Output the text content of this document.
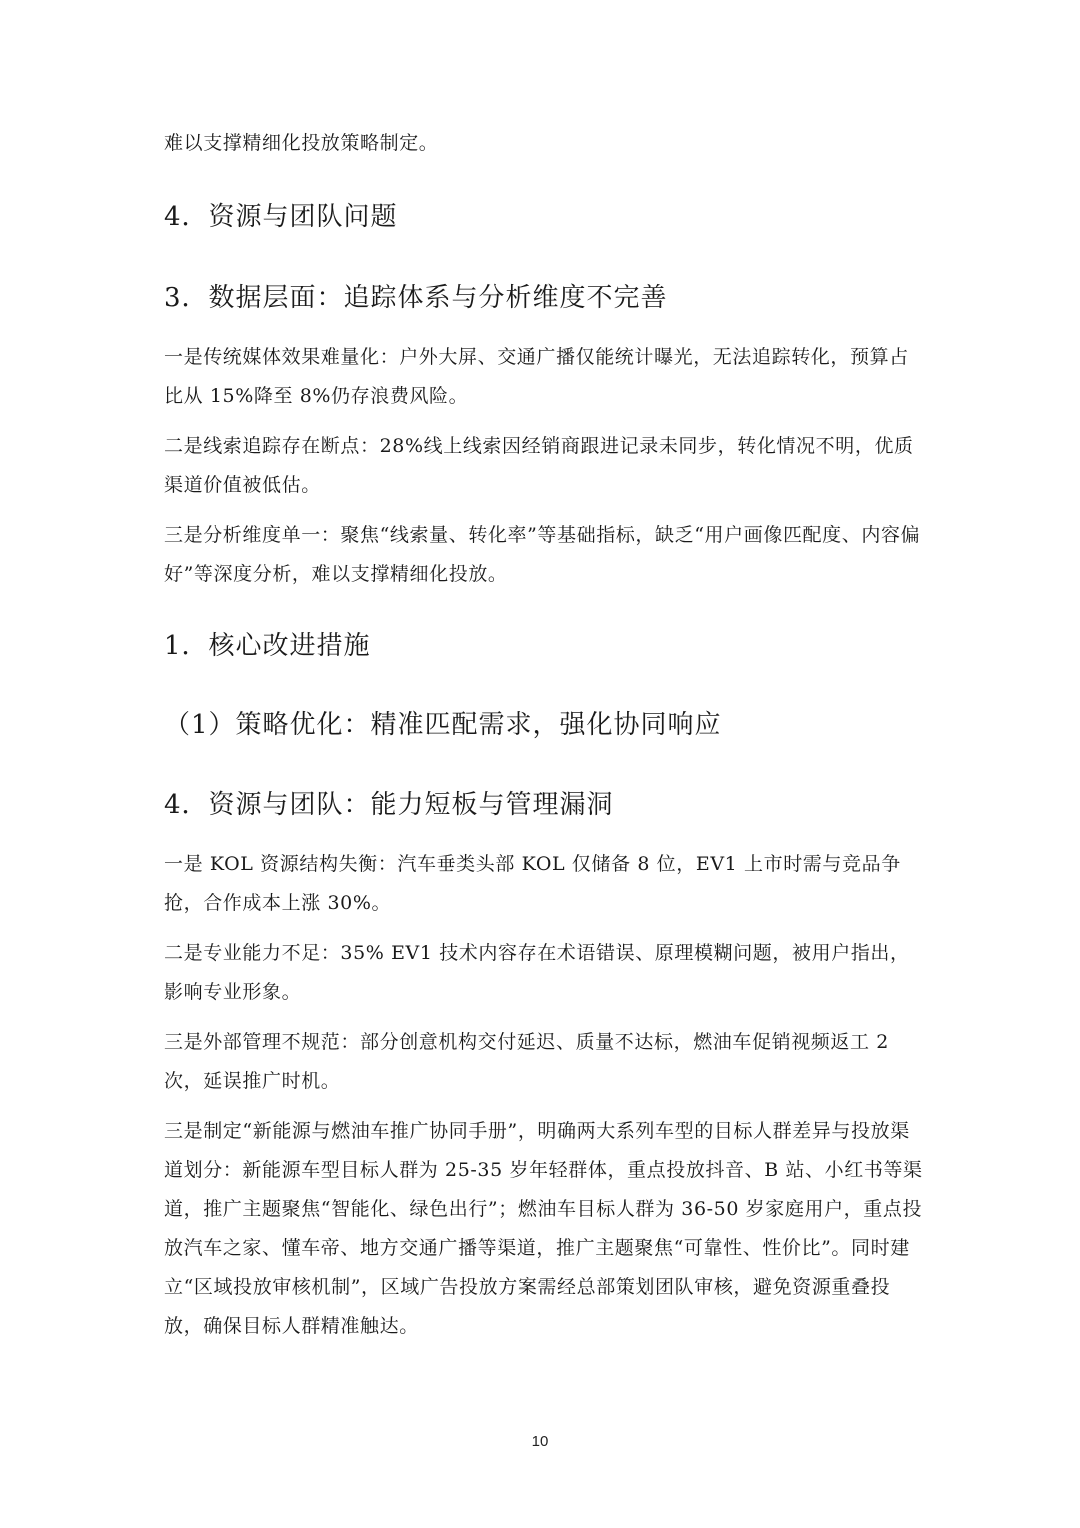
难以支撑精细化投放策略制定。

4．资源与团队问题
3．数据层面：追踪体系与分析维度不完善

一是传统媒体效果难量化：户外大屏、交通广播仅能统计曝光，无法追踪转化，预算占比从 15%降至 8%仍存浪费风险。

二是线索追踪存在断点：28%线上线索因经销商跟进记录未同步，转化情况不明，优质渠道价值被低估。

三是分析维度单一：聚焦“线索量、转化率”等基础指标，缺乏“用户画像匹配度、内容偏好”等深度分析，难以支撑精细化投放。

1．核心改进措施
（1）策略优化：精准匹配需求，强化协同响应
4．资源与团队：能力短板与管理漏洞

一是 KOL 资源结构失衡：汽车垂类头部 KOL 仅储备 8 位，EV1 上市时需与竞品争抢，合作成本上涨 30%。

二是专业能力不足：35% EV1 技术内容存在术语错误、原理模糊问题，被用户指出，影响专业形象。

三是外部管理不规范：部分创意机构交付延迟、质量不达标，燃油车促销视频返工 2 次，延误推广时机。

三是制定“新能源与燃油车推广协同手册”，明确两大系列车型的目标人群差异与投放渠道划分：新能源车型目标人群为 25-35 岁年轻群体，重点投放抖音、B 站、小红书等渠道，推广主题聚焦“智能化、绿色出行”；燃油车目标人群为 36-50 岁家庭用户，重点投放汽车之家、懂车帝、地方交通广播等渠道，推广主题聚焦“可靠性、性价比”。同时建立“区域投放审核机制”，区域广告投放方案需经总部策划团队审核，避免资源重叠投放，确保目标人群精准触达。

10
